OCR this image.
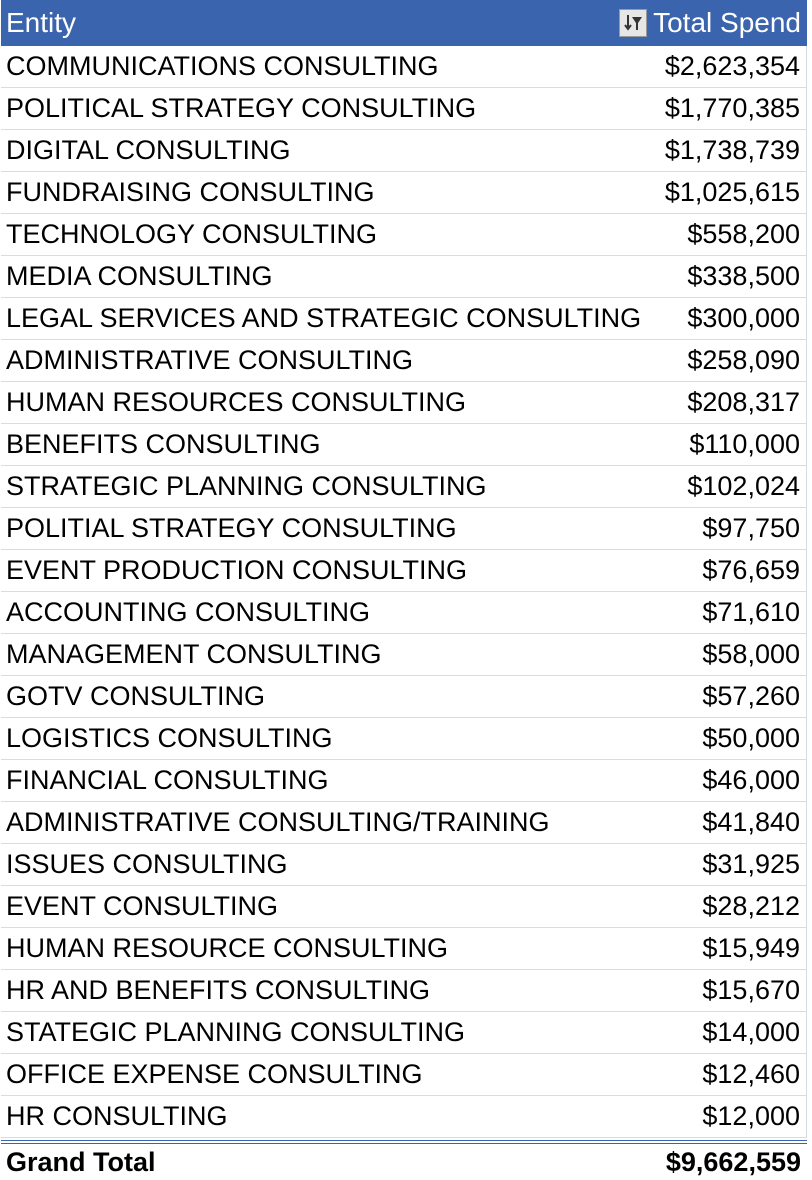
Entity	Total Spend
COMMUNICATIONS CONSULTING	$2,623,354
POLITICAL STRATEGY CONSULTING	$1,770,385
DIGITAL CONSULTING	$1,738,739
FUNDRAISING CONSULTING	$1,025,615
TECHNOLOGY CONSULTING	$558,200
MEDIA CONSULTING	$338,500
LEGAL SERVICES AND STRATEGIC CONSULTING	$300,000
ADMINISTRATIVE CONSULTING	$258,090
HUMAN RESOURCES CONSULTING	$208,317
BENEFITS CONSULTING	$110,000
STRATEGIC PLANNING CONSULTING	$102,024
POLITIAL STRATEGY CONSULTING	$97,750
EVENT PRODUCTION CONSULTING	$76,659
ACCOUNTING CONSULTING	$71,610
MANAGEMENT CONSULTING	$58,000
GOTV CONSULTING	$57,260
LOGISTICS CONSULTING	$50,000
FINANCIAL CONSULTING	$46,000
ADMINISTRATIVE CONSULTING/TRAINING	$41,840
ISSUES CONSULTING	$31,925
EVENT CONSULTING	$28,212
HUMAN RESOURCE CONSULTING	$15,949
HR AND BENEFITS CONSULTING	$15,670
STATEGIC PLANNING CONSULTING	$14,000
OFFICE EXPENSE CONSULTING	$12,460
HR CONSULTING	$12,000
Grand Total	$9,662,559
